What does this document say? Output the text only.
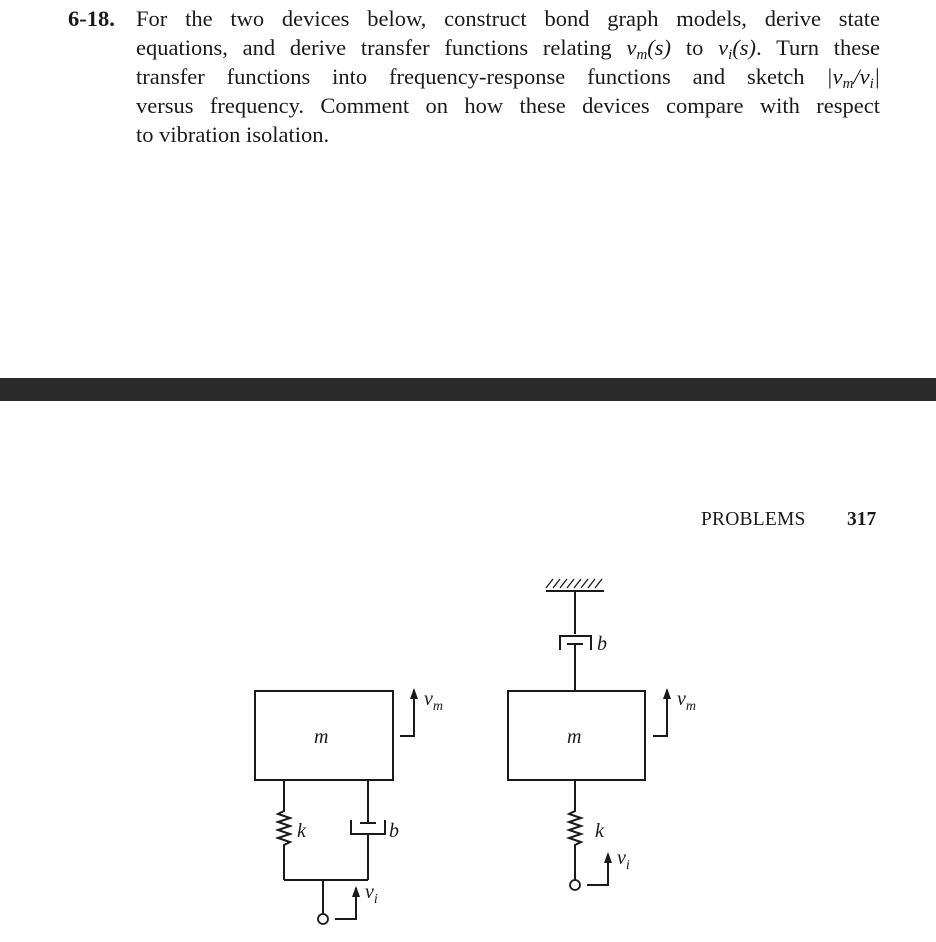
6-18. For the two devices below, construct bond graph models, derive state
equations, and derive transfer functions relating $v_m(s)$ to $v_i(s)$. Turn these
transfer functions into frequency-response functions and sketch $|v_m/v_i|$
versus frequency. Comment on how these devices compare with respect
to vibration isolation.
PROBLEMS 317
m
$v_m$
k	b
$v_i$
b
m
$v_m$
k
$v_i$
